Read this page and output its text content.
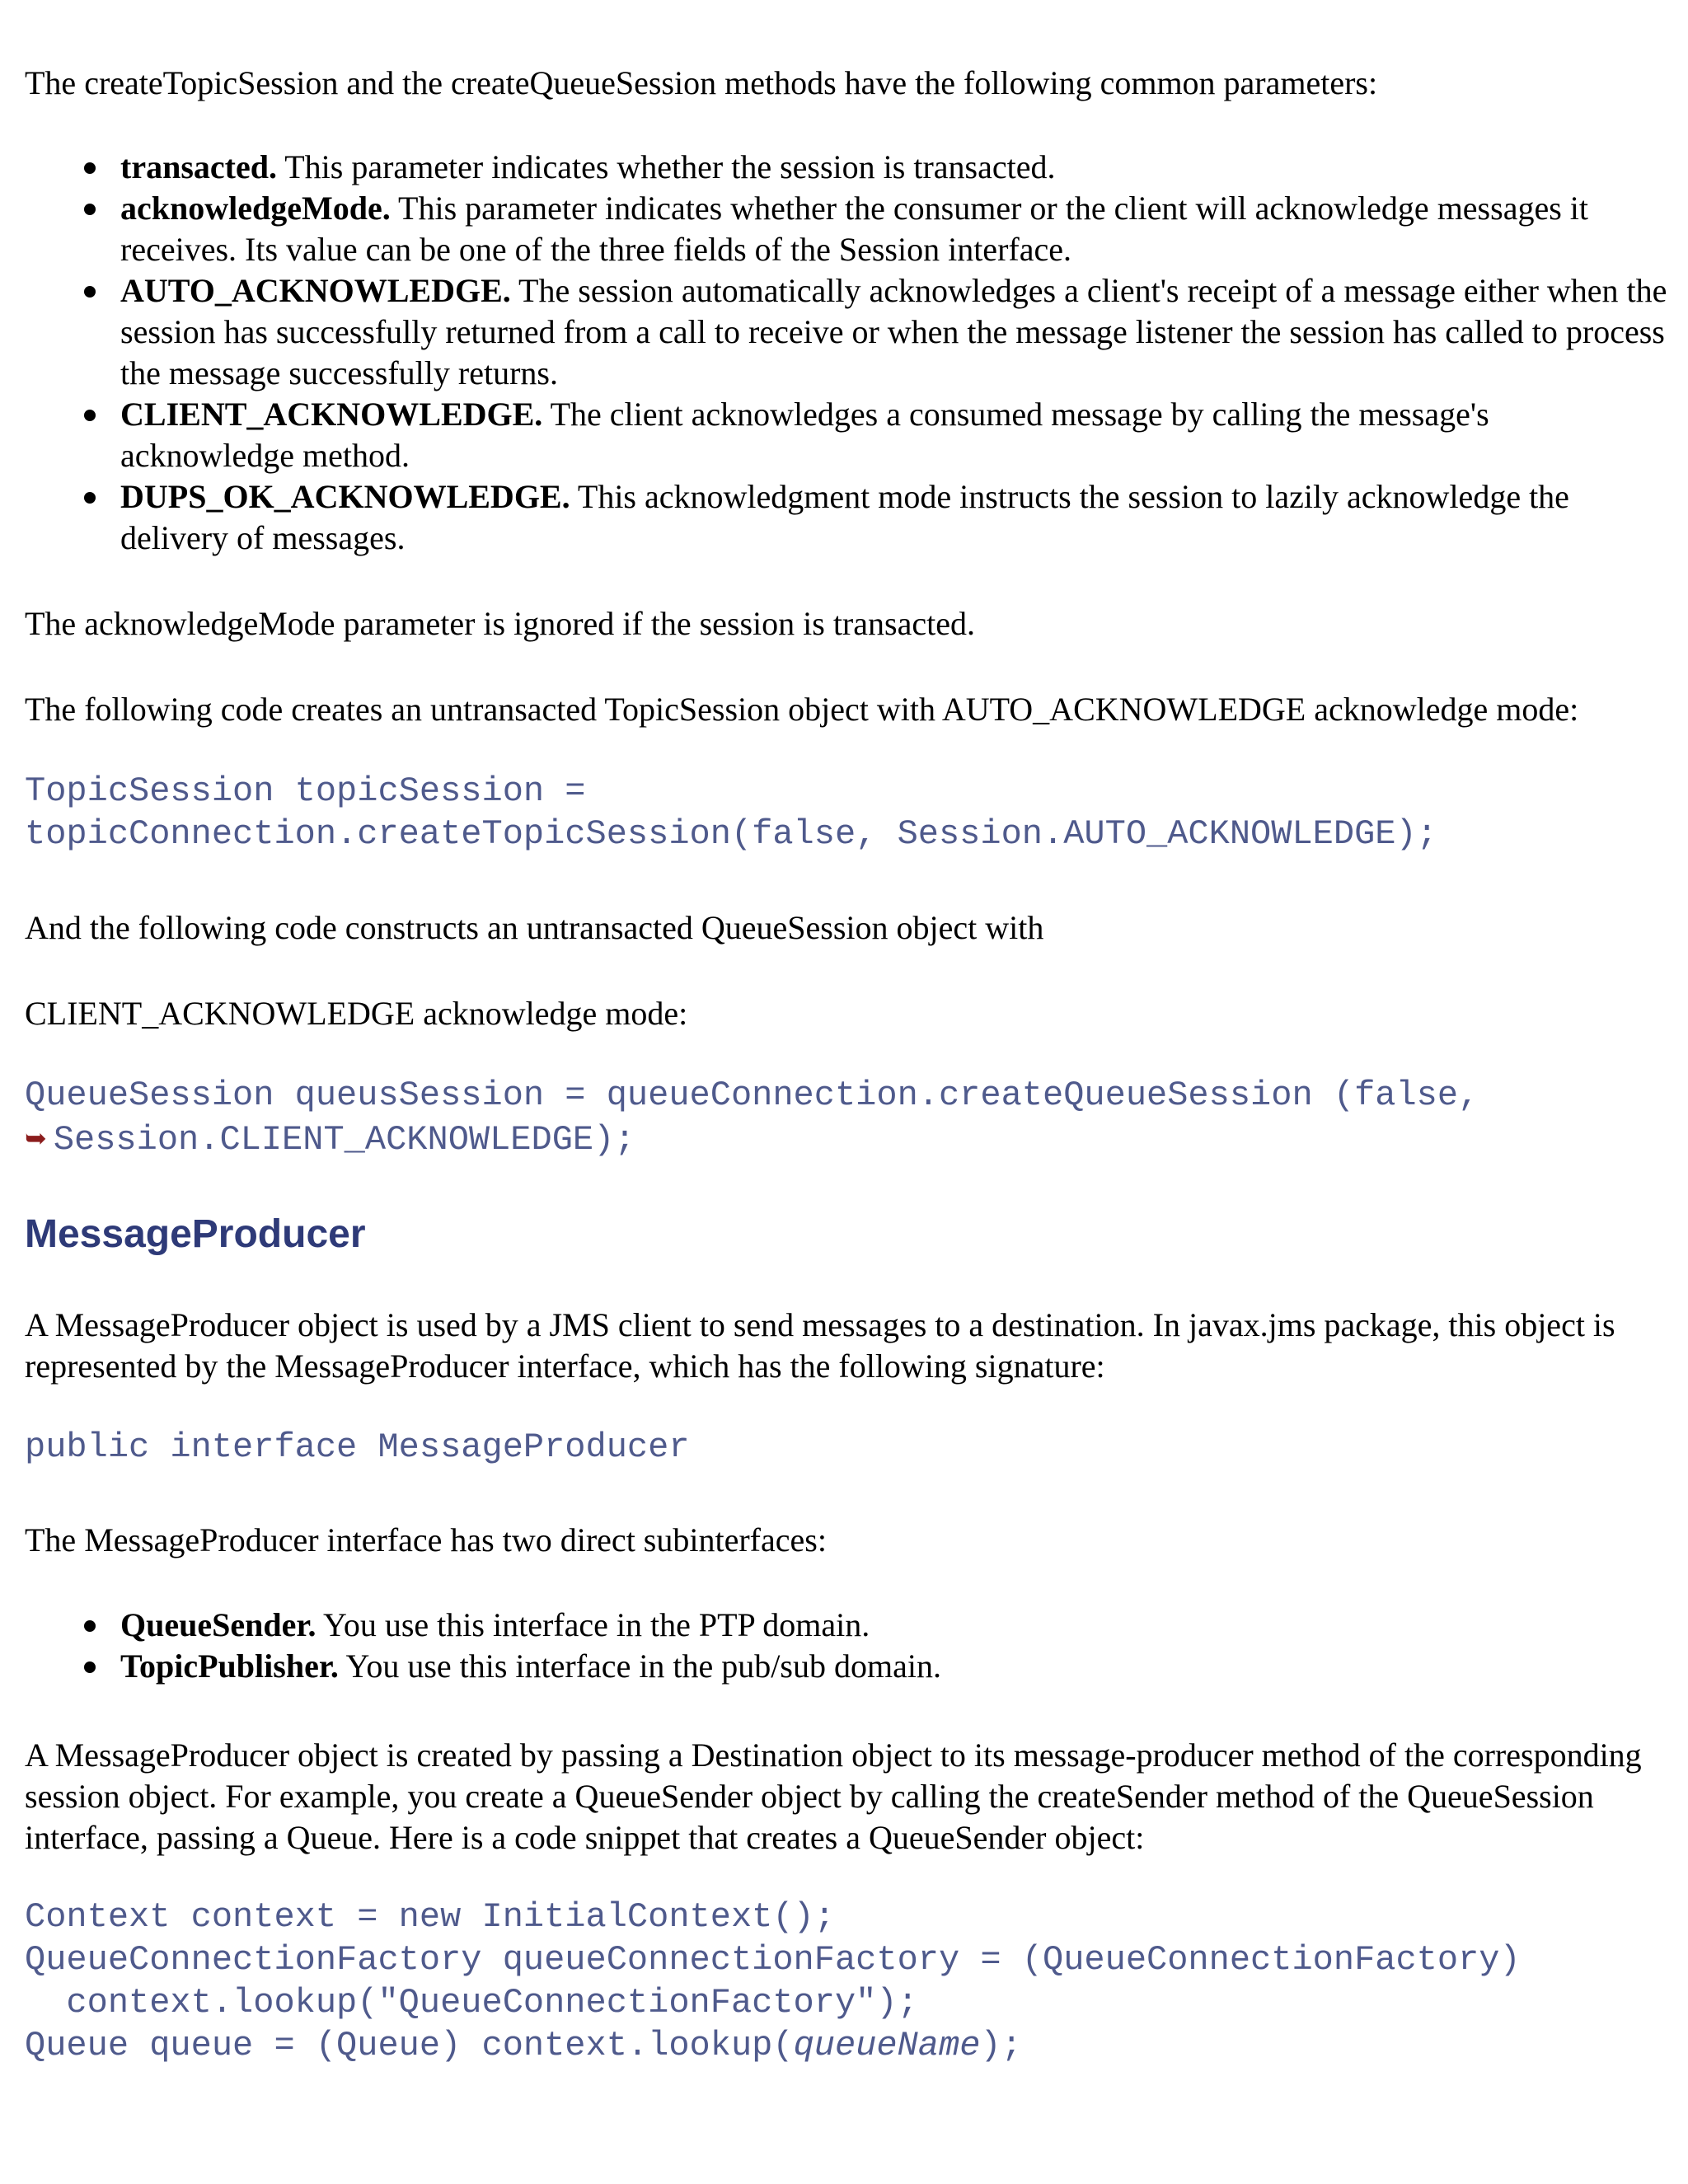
The createTopicSession and the createQueueSession methods have the following common parameters:

transacted. This parameter indicates whether the session is transacted.
acknowledgeMode. This parameter indicates whether the consumer or the client will acknowledge messages it receives. Its value can be one of the three fields of the Session interface.
AUTO_ACKNOWLEDGE. The session automatically acknowledges a client's receipt of a message either when the session has successfully returned from a call to receive or when the message listener the session has called to process the message successfully returns.
CLIENT_ACKNOWLEDGE. The client acknowledges a consumed message by calling the message's acknowledge method.
DUPS_OK_ACKNOWLEDGE. This acknowledgment mode instructs the session to lazily acknowledge the delivery of messages.

The acknowledgeMode parameter is ignored if the session is transacted.

The following code creates an untransacted TopicSession object with AUTO_ACKNOWLEDGE acknowledge mode:

TopicSession topicSession =
topicConnection.createTopicSession(false, Session.AUTO_ACKNOWLEDGE);

And the following code constructs an untransacted QueueSession object with

CLIENT_ACKNOWLEDGE acknowledge mode:

QueueSession queusSession = queueConnection.createQueueSession (false,
➥ Session.CLIENT_ACKNOWLEDGE);
MessageProducer

A MessageProducer object is used by a JMS client to send messages to a destination. In javax.jms package, this object is represented by the MessageProducer interface, which has the following signature:

public interface MessageProducer

The MessageProducer interface has two direct subinterfaces:

QueueSender. You use this interface in the PTP domain.
TopicPublisher. You use this interface in the pub/sub domain.

A MessageProducer object is created by passing a Destination object to its message-producer method of the corresponding session object. For example, you create a QueueSender object by calling the createSender method of the QueueSession interface, passing a Queue. Here is a code snippet that creates a QueueSender object:

Context context = new InitialContext();
QueueConnectionFactory queueConnectionFactory = (QueueConnectionFactory)
context.lookup("QueueConnectionFactory");
Queue queue = (Queue) context.lookup(queueName);
